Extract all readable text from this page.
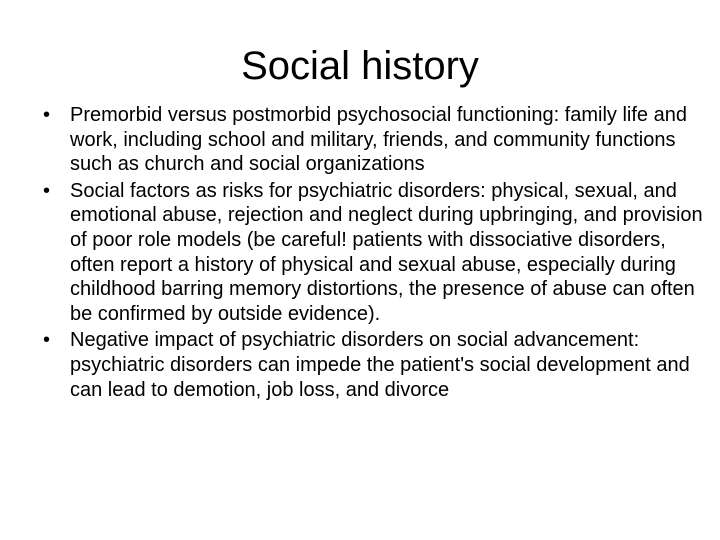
Social history
• Premorbid versus postmorbid psychosocial functioning: family life and work, including school and military, friends, and community functions such as church and social organizations
• Social factors as risks for psychiatric disorders: physical, sexual, and emotional abuse, rejection and neglect during upbringing, and provision of poor role models (be careful! patients with dissociative disorders, often report a history of physical and sexual abuse, especially during childhood barring memory distortions, the presence of abuse can often be confirmed by outside evidence).
• Negative impact of psychiatric disorders on social advancement: psychiatric disorders can impede the patient's social development and can lead to demotion, job loss, and divorce
